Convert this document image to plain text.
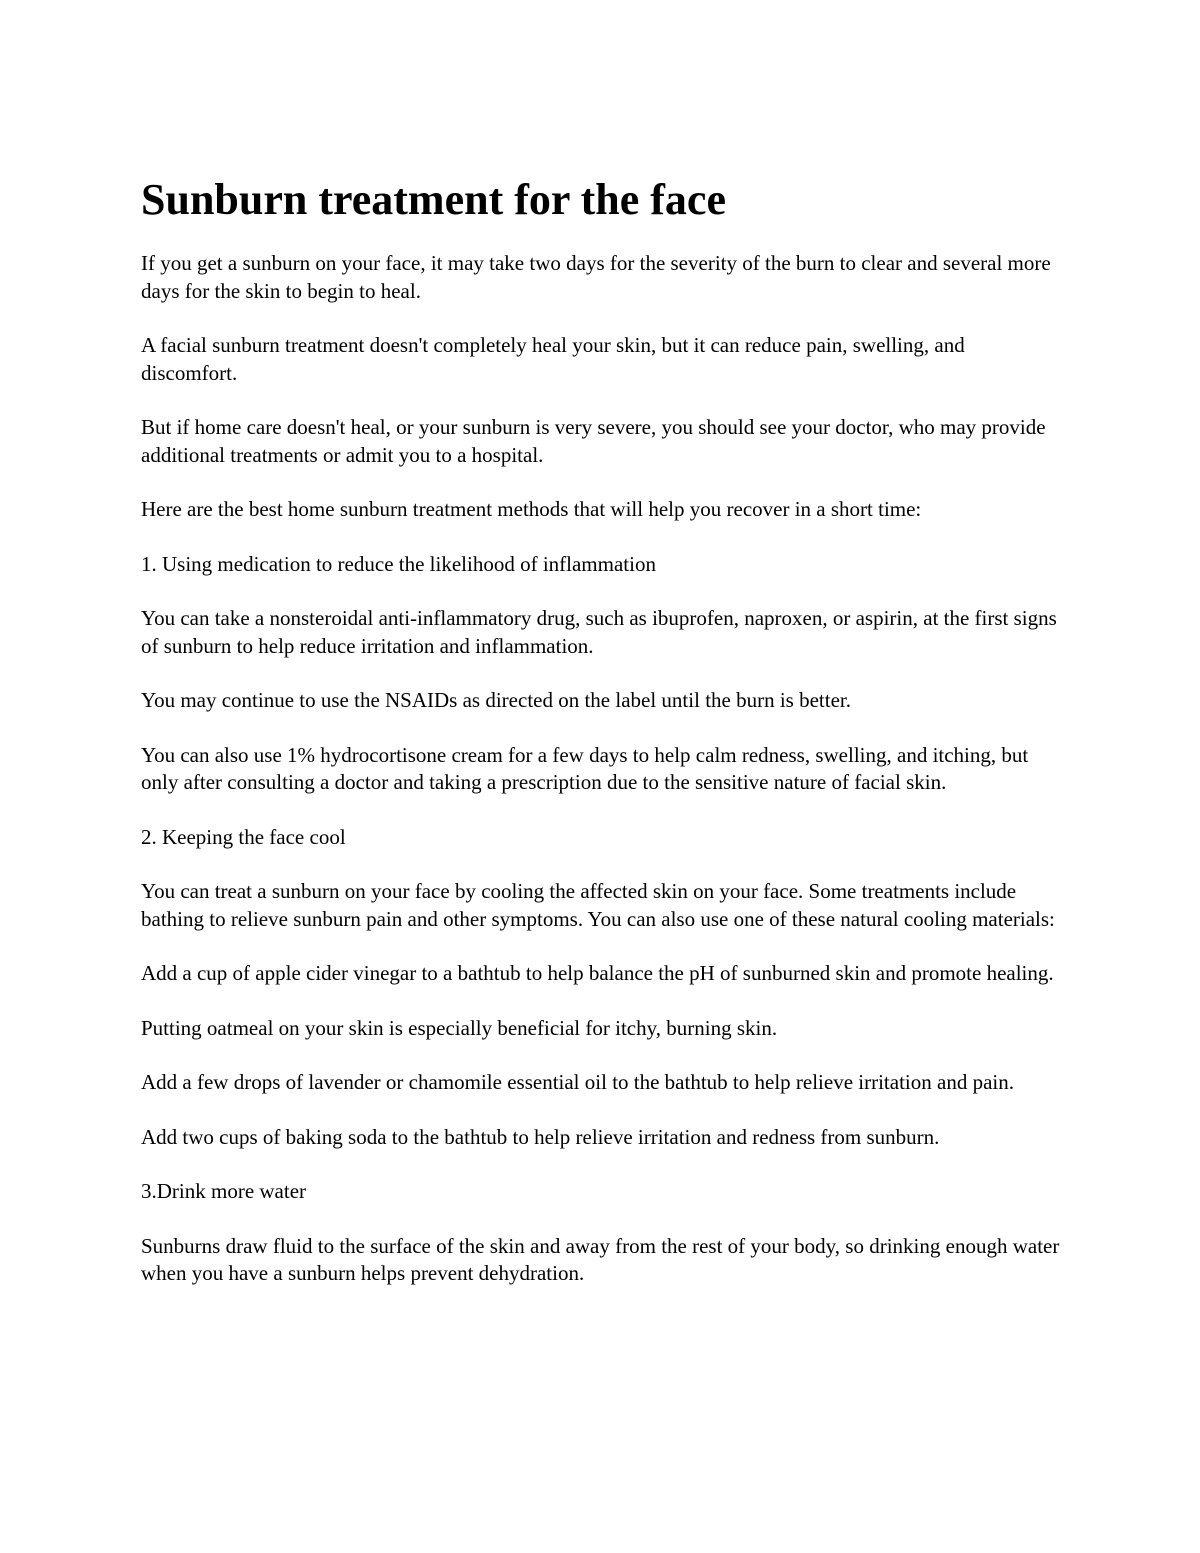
Sunburn treatment for the face

If you get a sunburn on your face, it may take two days for the severity of the burn to clear and several more days for the skin to begin to heal.

A facial sunburn treatment doesn't completely heal your skin, but it can reduce pain, swelling, and discomfort.

But if home care doesn't heal, or your sunburn is very severe, you should see your doctor, who may provide additional treatments or admit you to a hospital.

Here are the best home sunburn treatment methods that will help you recover in a short time:

1. Using medication to reduce the likelihood of inflammation

You can take a nonsteroidal anti-inflammatory drug, such as ibuprofen, naproxen, or aspirin, at the first signs of sunburn to help reduce irritation and inflammation.

You may continue to use the NSAIDs as directed on the label until the burn is better.

You can also use 1% hydrocortisone cream for a few days to help calm redness, swelling, and itching, but only after consulting a doctor and taking a prescription due to the sensitive nature of facial skin.

2. Keeping the face cool

You can treat a sunburn on your face by cooling the affected skin on your face. Some treatments include bathing to relieve sunburn pain and other symptoms. You can also use one of these natural cooling materials:

Add a cup of apple cider vinegar to a bathtub to help balance the pH of sunburned skin and promote healing.

Putting oatmeal on your skin is especially beneficial for itchy, burning skin.

Add a few drops of lavender or chamomile essential oil to the bathtub to help relieve irritation and pain.

Add two cups of baking soda to the bathtub to help relieve irritation and redness from sunburn.

3.Drink more water

Sunburns draw fluid to the surface of the skin and away from the rest of your body, so drinking enough water when you have a sunburn helps prevent dehydration.
